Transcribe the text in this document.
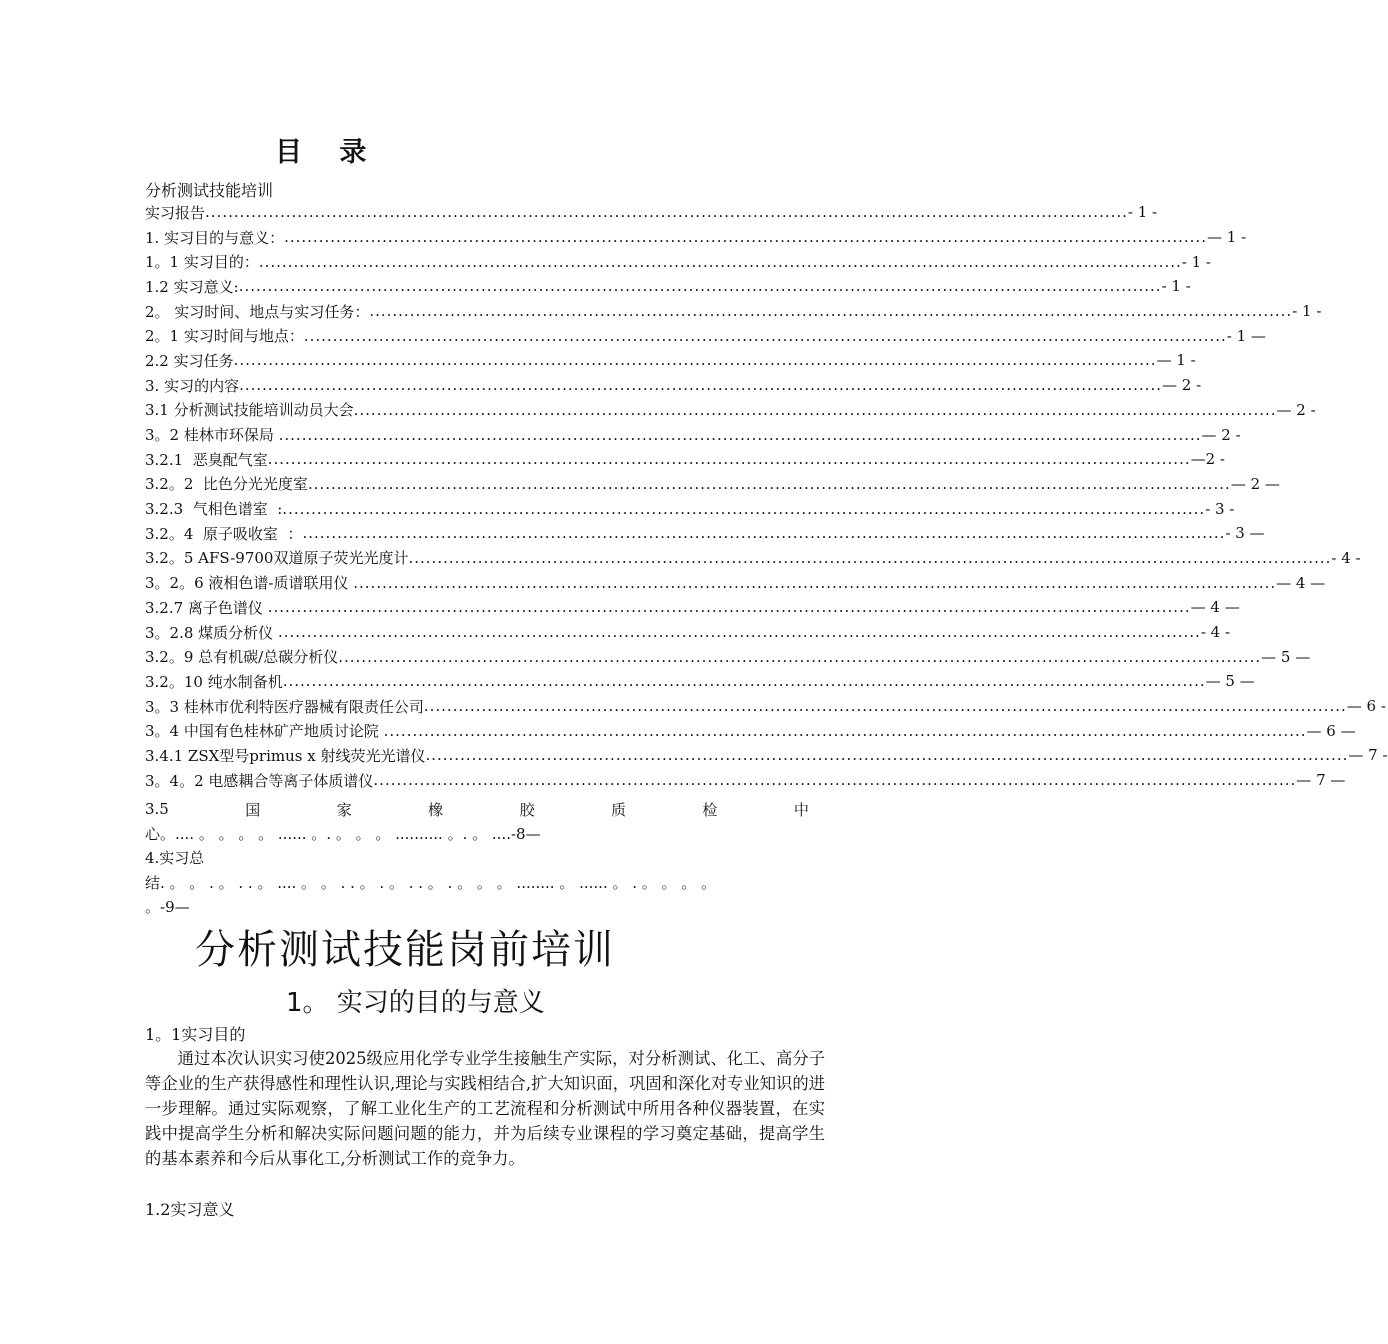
目 录
分析测试技能培训
实习报告 ................................................................................................................................................................ - 1 -
1. 实习目的与意义： ................................................................................................................................................................ — 1 -
1。1 实习目的： ................................................................................................................................................................ - 1 -
1.2 实习意义: ................................................................................................................................................................ - 1 -
2。 实习时间、地点与实习任务： ................................................................................................................................................................ - 1 -
2。1 实习时间与地点： ................................................................................................................................................................ - 1 —
2.2 实习任务 ................................................................................................................................................................ — 1 -
3. 实习的内容 ................................................................................................................................................................ — 2 -
3.1 分析测试技能培训动员大会 ................................................................................................................................................................ — 2 -
3。2 桂林市环保局 ................................................................................................................................................................ — 2 -
3.2.1  恶臭配气室 ................................................................................................................................................................ —2 -
3.2。2  比色分光光度室 ................................................................................................................................................................ — 2 —
3.2.3  气相色谱室  : ................................................................................................................................................................ - 3 -
3.2。4  原子吸收室  ： ................................................................................................................................................................ - 3 —
3.2。5 AFS-9700双道原子荧光光度计 ................................................................................................................................................................ - 4 -
3。2。6 液相色谱-质谱联用仪 ................................................................................................................................................................ — 4 —
3.2.7 离子色谱仪 ................................................................................................................................................................ — 4 —
3。2.8 煤质分析仪 ................................................................................................................................................................ - 4 -
3.2。9 总有机碳/总碳分析仪 ................................................................................................................................................................ — 5 —
3.2。10 纯水制备机 ................................................................................................................................................................ — 5 —
3。3 桂林市优利特医疗器械有限责任公司 ................................................................................................................................................................ — 6 -
3。4 中国有色桂林矿产地质讨论院 ................................................................................................................................................................ — 6 —
3.4.1 ZSX型号primus x 射线荧光光谱仪 ................................................................................................................................................................ — 7 -
3。4。2 电感耦合等离子体质谱仪 ................................................................................................................................................................ — 7 —
3.5	国	家	橡	胶	质	检	中
心。.... 。 。 。 。 ...... 。. 。 。 。 .......... 。. 。 ....-8—
4.实习总
结. 。 。 . 。 . . 。 .... 。 。 . . 。 . 。 . . 。 . 。 。 。 ........ 。 ...... 。 . 。 。 。 。
。-9—
分析测试技能岗前培训
1。 实习的目的与意义
1。1实习目的

通过本次认识实习使2025级应用化学专业学生接触生产实际，对分析测试、化工、高分子等企业的生产获得感性和理性认识,理论与实践相结合,扩大知识面，巩固和深化对专业知识的进一步理解。通过实际观察，了解工业化生产的工艺流程和分析测试中所用各种仪器装置，在实践中提高学生分析和解决实际问题问题的能力，并为后续专业课程的学习奠定基础，提高学生的基本素养和今后从事化工,分析测试工作的竞争力。

1.2实习意义
